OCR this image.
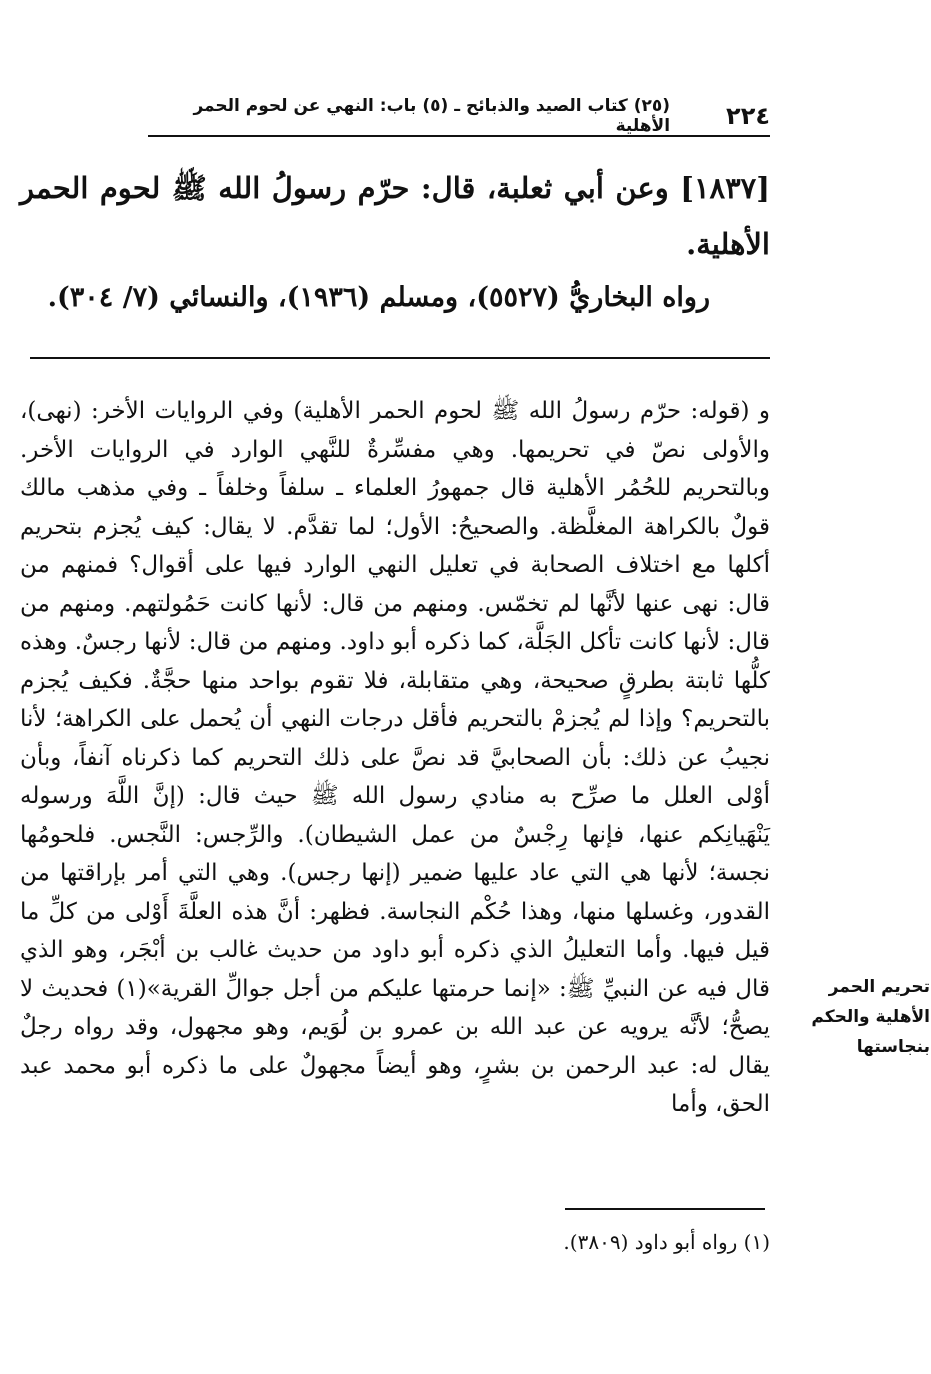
٢٢٤
(٢٥) كتاب الصيد والذبائح ـ (٥) باب: النهي عن لحوم الحمر الأهلية
[١٨٣٧] وعن أبي ثعلبة، قال: حرّم رسولُ الله ﷺ لحوم الحمر الأهلية.
رواه البخاريُّ (٥٥٢٧)، ومسلم (١٩٣٦)، والنسائي (٧/ ٣٠٤).

و (قوله: حرّم رسولُ الله ﷺ لحوم الحمر الأهلية) وفي الروايات الأخر: (نهى)، والأولى نصّ في تحريمها. وهي مفسِّرةٌ للنَّهي الوارد في الروايات الأخر. وبالتحريم للحُمُر الأهلية قال جمهورُ العلماء ـ سلفاً وخلفاً ـ وفي مذهب مالك قولٌ بالكراهة المغلَّظة. والصحيحُ: الأول؛ لما تقدَّم. لا يقال: كيف يُجزم بتحريم أكلها مع اختلاف الصحابة في تعليل النهي الوارد فيها على أقوال؟ فمنهم من قال: نهى عنها لأنَّها لم تخمّس. ومنهم من قال: لأنها كانت حَمُولتهم. ومنهم من قال: لأنها كانت تأكل الجَلَّة، كما ذكره أبو داود. ومنهم من قال: لأنها رجسٌ. وهذه كلُّها ثابتة بطرقٍ صحيحة، وهي متقابلة، فلا تقوم بواحد منها حجَّةٌ. فكيف يُجزم بالتحريم؟ وإذا لم يُجزمْ بالتحريم فأقل درجات النهي أن يُحمل على الكراهة؛ لأنا نجيبُ عن ذلك: بأن الصحابيَّ قد نصَّ على ذلك التحريم كما ذكرناه آنفاً، وبأن أوْلى العلل ما صرِّح به منادي رسول الله ﷺ حيث قال: (إنَّ اللَّهَ ورسوله يَنْهَيانِكم عنها، فإنها رِجْسٌ من عمل الشيطان). والرِّجس: النَّجس. فلحومُها نجسة؛ لأنها هي التي عاد عليها ضمير (إنها رجس). وهي التي أمر بإراقتها من القدور، وغسلها منها، وهذا حُكْم النجاسة. فظهر: أنَّ هذه العلَّةَ أَوْلى من كلِّ ما قيل فيها. وأما التعليلُ الذي ذكره أبو داود من حديث غالب بن أبْجَر، وهو الذي قال فيه عن النبيِّ ﷺ: «إنما حرمتها عليكم من أجل جوالِّ القرية»(١) فحديث لا يصحُّ؛ لأنَّه يرويه عن عبد الله بن عمرو بن لُوَيم، وهو مجهول، وقد رواه رجلٌ يقال له: عبد الرحمن بن بشرٍ، وهو أيضاً مجهولٌ على ما ذكره أبو محمد عبد الحق، وأما

تحريم الحمر الأهلية والحكم بنجاستها
(١) رواه أبو داود (٣٨٠٩).
